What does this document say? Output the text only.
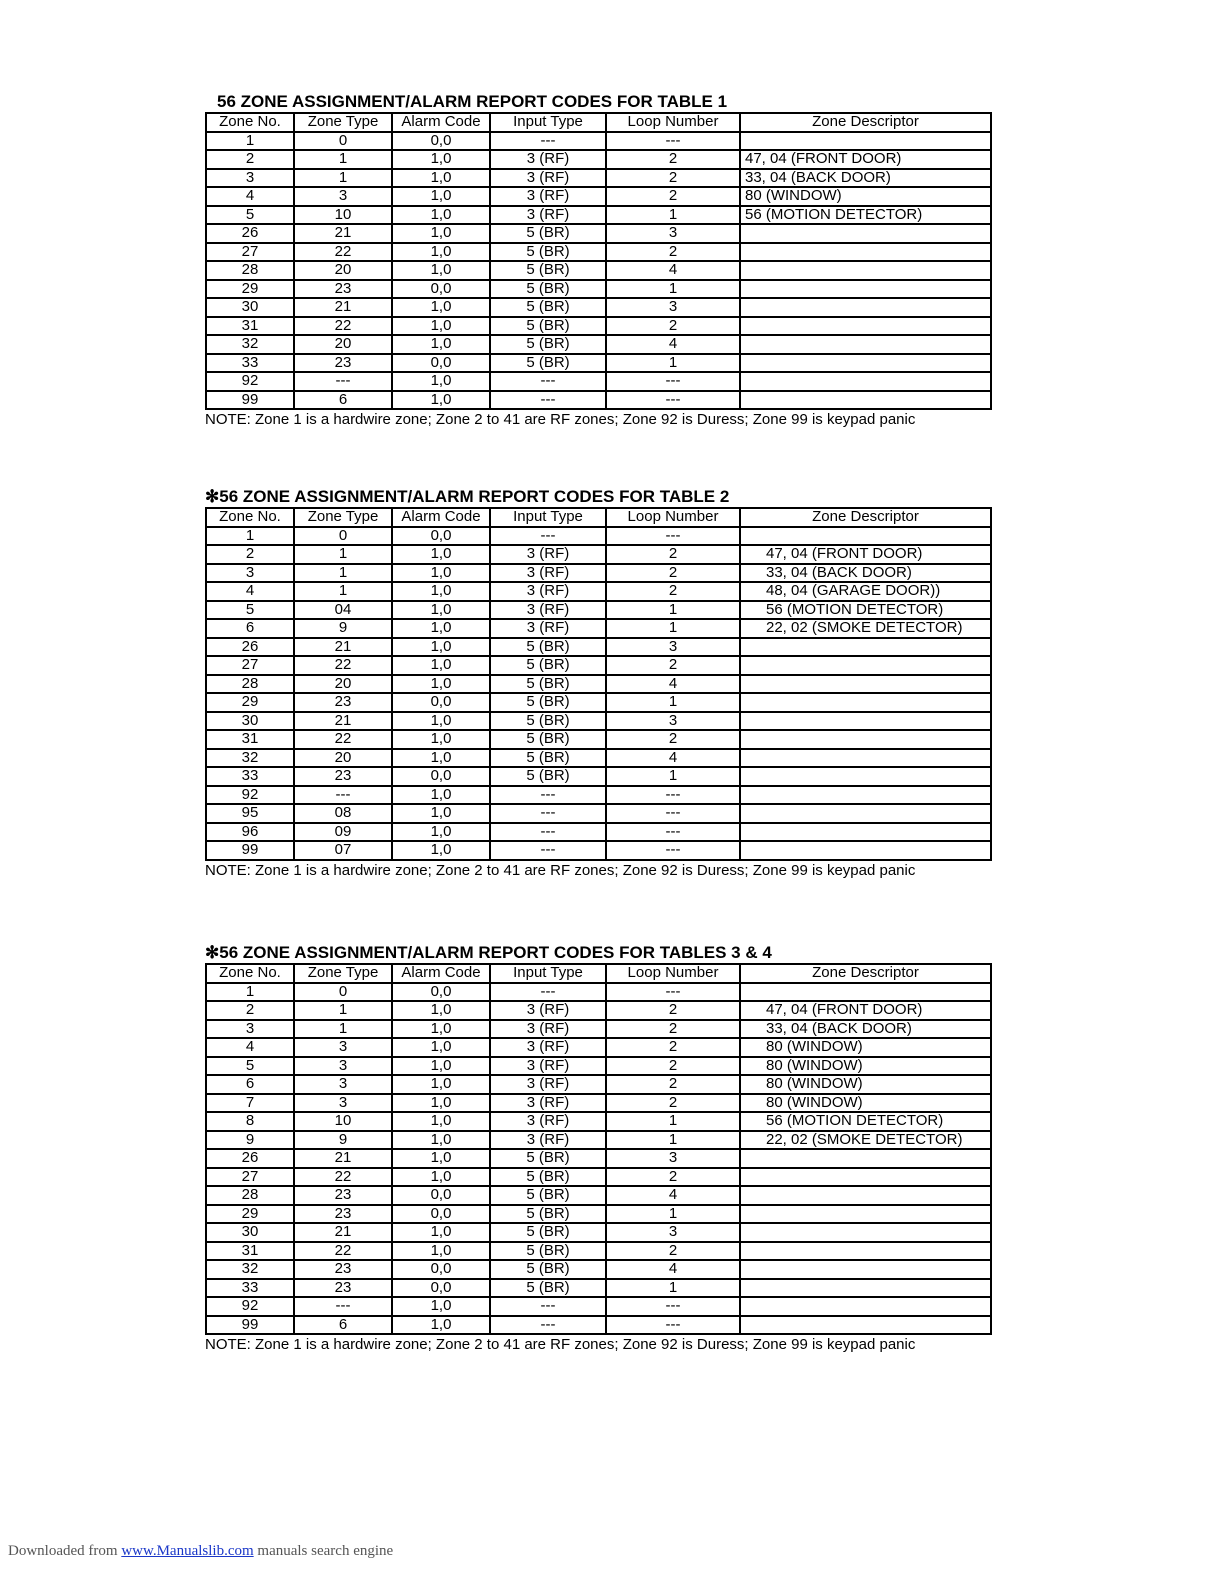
56 ZONE ASSIGNMENT/ALARM REPORT CODES FOR TABLE 1
Zone No.	Zone Type	Alarm Code	Input Type	Loop Number	Zone Descriptor
1	0	0,0	---	---	
2	1	1,0	3 (RF)	2	47, 04 (FRONT DOOR)
3	1	1,0	3 (RF)	2	33, 04 (BACK DOOR)
4	3	1,0	3 (RF)	2	80 (WINDOW)
5	10	1,0	3 (RF)	1	56 (MOTION DETECTOR)
26	21	1,0	5 (BR)	3	
27	22	1,0	5 (BR)	2	
28	20	1,0	5 (BR)	4	
29	23	0,0	5 (BR)	1	
30	21	1,0	5 (BR)	3	
31	22	1,0	5 (BR)	2	
32	20	1,0	5 (BR)	4	
33	23	0,0	5 (BR)	1	
92	---	1,0	---	---	
99	6	1,0	---	---	
NOTE: Zone 1 is a hardwire zone; Zone 2 to 41 are RF zones; Zone 92 is Duress; Zone 99 is keypad panic
✻56 ZONE ASSIGNMENT/ALARM REPORT CODES FOR TABLE 2
Zone No.	Zone Type	Alarm Code	Input Type	Loop Number	Zone Descriptor
1	0	0,0	---	---	
2	1	1,0	3 (RF)	2	47, 04 (FRONT DOOR)
3	1	1,0	3 (RF)	2	33, 04 (BACK DOOR)
4	1	1,0	3 (RF)	2	48, 04 (GARAGE DOOR))
5	04	1,0	3 (RF)	1	56 (MOTION DETECTOR)
6	9	1,0	3 (RF)	1	22, 02 (SMOKE DETECTOR)
26	21	1,0	5 (BR)	3	
27	22	1,0	5 (BR)	2	
28	20	1,0	5 (BR)	4	
29	23	0,0	5 (BR)	1	
30	21	1,0	5 (BR)	3	
31	22	1,0	5 (BR)	2	
32	20	1,0	5 (BR)	4	
33	23	0,0	5 (BR)	1	
92	---	1,0	---	---	
95	08	1,0	---	---	
96	09	1,0	---	---	
99	07	1,0	---	---	
NOTE: Zone 1 is a hardwire zone; Zone 2 to 41 are RF zones; Zone 92 is Duress; Zone 99 is keypad panic
✻56 ZONE ASSIGNMENT/ALARM REPORT CODES FOR TABLES 3 & 4
Zone No.	Zone Type	Alarm Code	Input Type	Loop Number	Zone Descriptor
1	0	0,0	---	---	
2	1	1,0	3 (RF)	2	47, 04 (FRONT DOOR)
3	1	1,0	3 (RF)	2	33, 04 (BACK DOOR)
4	3	1,0	3 (RF)	2	80 (WINDOW)
5	3	1,0	3 (RF)	2	80 (WINDOW)
6	3	1,0	3 (RF)	2	80 (WINDOW)
7	3	1,0	3 (RF)	2	80 (WINDOW)
8	10	1,0	3 (RF)	1	56 (MOTION DETECTOR)
9	9	1,0	3 (RF)	1	22, 02 (SMOKE DETECTOR)
26	21	1,0	5 (BR)	3	
27	22	1,0	5 (BR)	2	
28	23	0,0	5 (BR)	4	
29	23	0,0	5 (BR)	1	
30	21	1,0	5 (BR)	3	
31	22	1,0	5 (BR)	2	
32	23	0,0	5 (BR)	4	
33	23	0,0	5 (BR)	1	
92	---	1,0	---	---	
99	6	1,0	---	---	
NOTE: Zone 1 is a hardwire zone; Zone 2 to 41 are RF zones; Zone 92 is Duress; Zone 99 is keypad panic
Downloaded from www.Manualslib.com manuals search engine
